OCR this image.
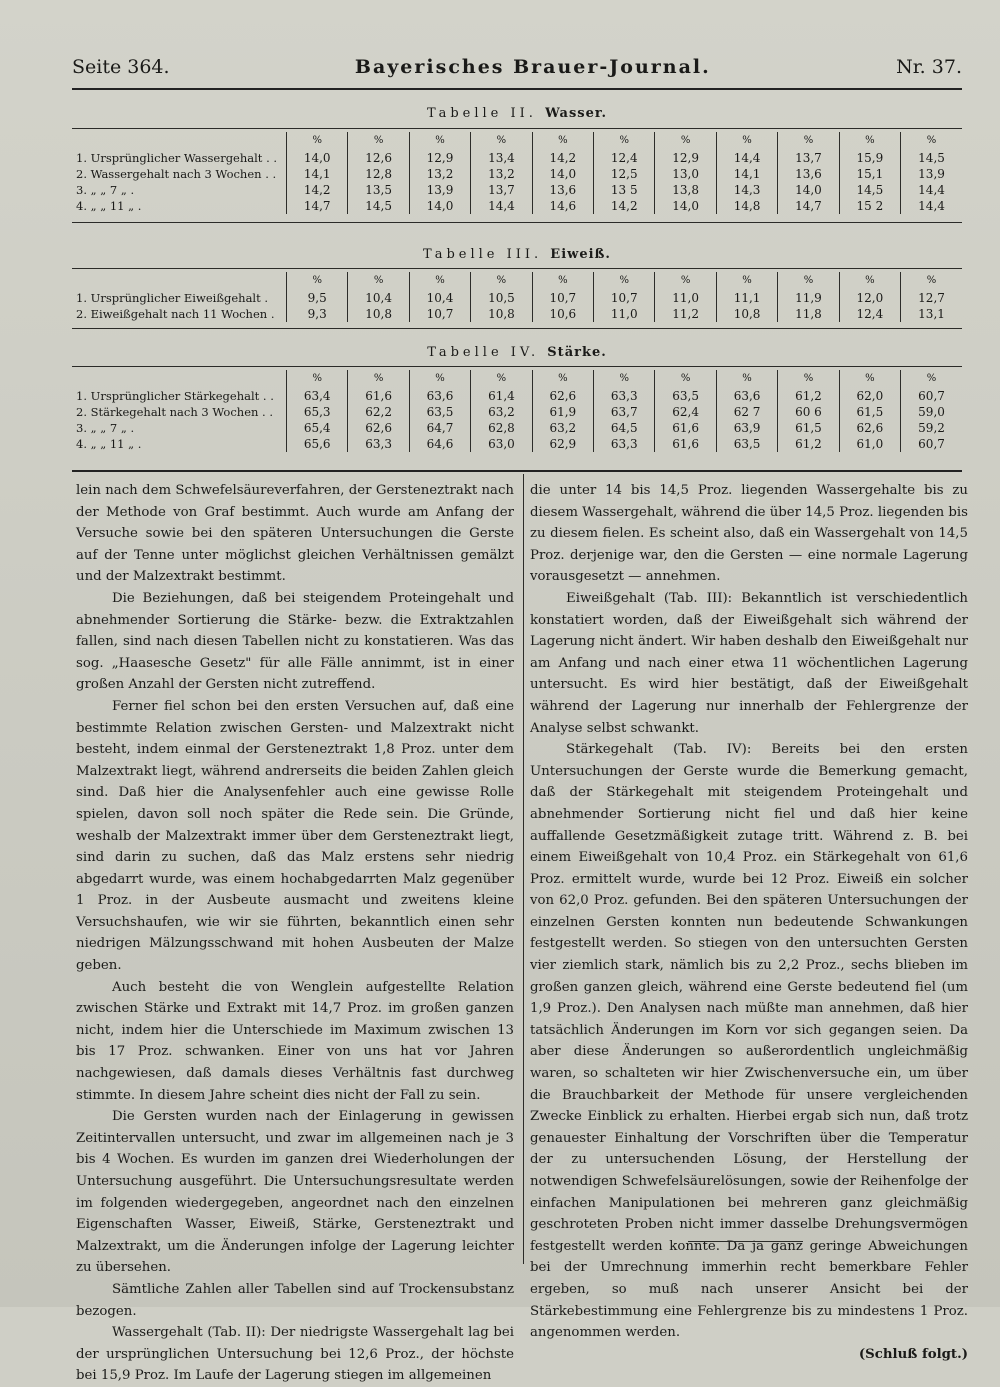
Seite 364.	Bayerisches Brauer-Journal.	Nr. 37.
Tabelle II. Wasser.
	%	%	%	%	%	%	%	%	%	%	%
1. Ursprünglicher Wassergehalt . .	14,0	12,6	12,9	13,4	14,2	12,4	12,9	14,4	13,7	15,9	14,5
2. Wassergehalt nach 3 Wochen . .	14,1	12,8	13,2	13,2	14,0	12,5	13,0	14,1	13,6	15,1	13,9
3. „ „ 7 „ .	14,2	13,5	13,9	13,7	13,6	13 5	13,8	14,3	14,0	14,5	14,4
4. „ „ 11 „ .	14,7	14,5	14,0	14,4	14,6	14,2	14,0	14,8	14,7	15 2	14,4
Tabelle III. Eiweiß.
	%	%	%	%	%	%	%	%	%	%	%
1. Ursprünglicher Eiweißgehalt .	9,5	10,4	10,4	10,5	10,7	10,7	11,0	11,1	11,9	12,0	12,7
2. Eiweißgehalt nach 11 Wochen .	9,3	10,8	10,7	10,8	10,6	11,0	11,2	10,8	11,8	12,4	13,1
Tabelle IV. Stärke.
	%	%	%	%	%	%	%	%	%	%	%
1. Ursprünglicher Stärkegehalt . .	63,4	61,6	63,6	61,4	62,6	63,3	63,5	63,6	61,2	62,0	60,7
2. Stärkegehalt nach 3 Wochen . .	65,3	62,2	63,5	63,2	61,9	63,7	62,4	62 7	60 6	61,5	59,0
3. „ „ 7 „ .	65,4	62,6	64,7	62,8	63,2	64,5	61,6	63,9	61,5	62,6	59,2
4. „ „ 11 „ .	65,6	63,3	64,6	63,0	62,9	63,3	61,6	63,5	61,2	61,0	60,7

lein nach dem Schwefelsäureverfahren, der Gersteneztrakt nach der Methode von Graf bestimmt. Auch wurde am Anfang der Versuche sowie bei den späteren Untersuchungen die Gerste auf der Tenne unter möglichst gleichen Verhältnissen gemälzt und der Malzextrakt bestimmt.

Die Beziehungen, daß bei steigendem Proteingehalt und abnehmender Sortierung die Stärke- bezw. die Extraktzahlen fallen, sind nach diesen Tabellen nicht zu konstatieren. Was das sog. „Haasesche Gesetz" für alle Fälle annimmt, ist in einer großen Anzahl der Gersten nicht zutreffend.

Ferner fiel schon bei den ersten Versuchen auf, daß eine bestimmte Relation zwischen Gersten- und Malzextrakt nicht besteht, indem einmal der Gersteneztrakt 1,8 Proz. unter dem Malzextrakt liegt, während andrerseits die beiden Zahlen gleich sind. Daß hier die Analysenfehler auch eine gewisse Rolle spielen, davon soll noch später die Rede sein. Die Gründe, weshalb der Malzextrakt immer über dem Gersteneztrakt liegt, sind darin zu suchen, daß das Malz erstens sehr niedrig abgedarrt wurde, was einem hochabgedarrten Malz gegenüber 1 Proz. in der Ausbeute ausmacht und zweitens kleine Versuchshaufen, wie wir sie führten, bekanntlich einen sehr niedrigen Mälzungsschwand mit hohen Ausbeuten der Malze geben.

Auch besteht die von Wenglein aufgestellte Relation zwischen Stärke und Extrakt mit 14,7 Proz. im großen ganzen nicht, indem hier die Unterschiede im Maximum zwischen 13 bis 17 Proz. schwanken. Einer von uns hat vor Jahren nachgewiesen, daß damals dieses Verhältnis fast durchweg stimmte. In diesem Jahre scheint dies nicht der Fall zu sein.

Die Gersten wurden nach der Einlagerung in gewissen Zeitintervallen untersucht, und zwar im allgemeinen nach je 3 bis 4 Wochen. Es wurden im ganzen drei Wiederholungen der Untersuchung ausgeführt. Die Untersuchungsresultate werden im folgenden wiedergegeben, angeordnet nach den einzelnen Eigenschaften Wasser, Eiweiß, Stärke, Gersteneztrakt und Malzextrakt, um die Änderungen infolge der Lagerung leichter zu übersehen.

Sämtliche Zahlen aller Tabellen sind auf Trockensubstanz bezogen.

Wassergehalt (Tab. II): Der niedrigste Wassergehalt lag bei der ursprünglichen Untersuchung bei 12,6 Proz., der höchste bei 15,9 Proz. Im Laufe der Lagerung stiegen im allgemeinen

die unter 14 bis 14,5 Proz. liegenden Wassergehalte bis zu diesem Wassergehalt, während die über 14,5 Proz. liegenden bis zu diesem fielen. Es scheint also, daß ein Wassergehalt von 14,5 Proz. derjenige war, den die Gersten — eine normale Lagerung vorausgesetzt — annehmen.

Eiweißgehalt (Tab. III): Bekanntlich ist verschiedentlich konstatiert worden, daß der Eiweißgehalt sich während der Lagerung nicht ändert. Wir haben deshalb den Eiweißgehalt nur am Anfang und nach einer etwa 11 wöchentlichen Lagerung untersucht. Es wird hier bestätigt, daß der Eiweißgehalt während der Lagerung nur innerhalb der Fehlergrenze der Analyse selbst schwankt.

Stärkegehalt (Tab. IV): Bereits bei den ersten Untersuchungen der Gerste wurde die Bemerkung gemacht, daß der Stärkegehalt mit steigendem Proteingehalt und abnehmender Sortierung nicht fiel und daß hier keine auffallende Gesetzmäßigkeit zutage tritt. Während z. B. bei einem Eiweißgehalt von 10,4 Proz. ein Stärkegehalt von 61,6 Proz. ermittelt wurde, wurde bei 12 Proz. Eiweiß ein solcher von 62,0 Proz. gefunden. Bei den späteren Untersuchungen der einzelnen Gersten konnten nun bedeutende Schwankungen festgestellt werden. So stiegen von den untersuchten Gersten vier ziemlich stark, nämlich bis zu 2,2 Proz., sechs blieben im großen ganzen gleich, während eine Gerste bedeutend fiel (um 1,9 Proz.). Den Analysen nach müßte man annehmen, daß hier tatsächlich Änderungen im Korn vor sich gegangen seien. Da aber diese Änderungen so außerordentlich ungleichmäßig waren, so schalteten wir hier Zwischenversuche ein, um über die Brauchbarkeit der Methode für unsere vergleichenden Zwecke Einblick zu erhalten. Hierbei ergab sich nun, daß trotz genauester Einhaltung der Vorschriften über die Temperatur der zu untersuchenden Lösung, der Herstellung der notwendigen Schwefelsäurelösungen, sowie der Reihenfolge der einfachen Manipulationen bei mehreren ganz gleichmäßig geschroteten Proben nicht immer dasselbe Drehungsvermögen festgestellt werden konnte. Da ja ganz geringe Abweichungen bei der Umrechnung immerhin recht bemerkbare Fehler ergeben, so muß nach unserer Ansicht bei der Stärkebestimmung eine Fehlergrenze bis zu mindestens 1 Proz. angenommen werden.

(Schluß folgt.)
